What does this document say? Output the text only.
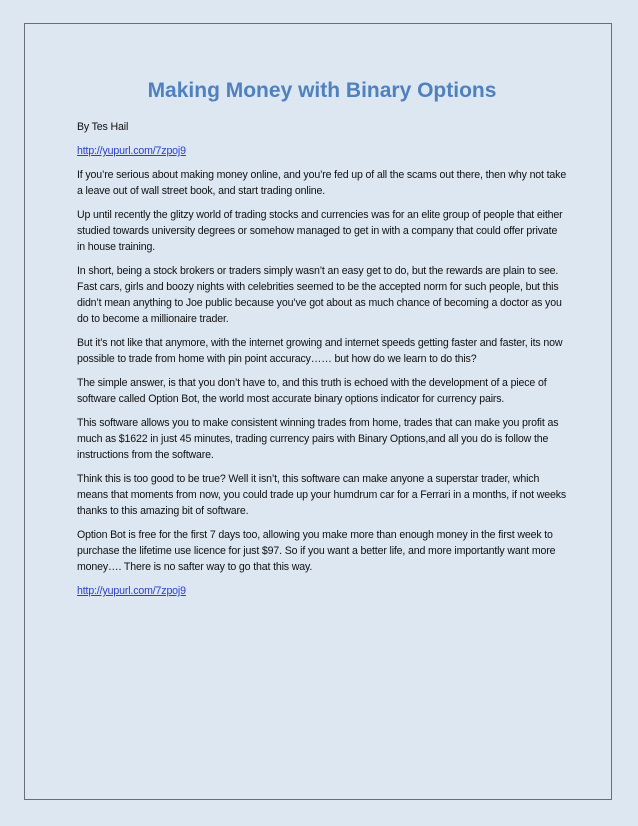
Making Money with Binary Options

By Tes Hail

http://yupurl.com/7zpoj9

If you’re serious about making money online, and you’re fed up of all the scams out there, then why not take a leave out of wall street book, and start trading online.

Up until recently the glitzy world of trading stocks and currencies was for an elite group of people that either studied towards university degrees or somehow managed to get in with a company that could offer private in house training.

In short, being a stock brokers or traders simply wasn’t an easy get to do, but the rewards are plain to see. Fast cars, girls and boozy nights with celebrities seemed to be the accepted norm for such people, but this didn’t mean anything to Joe public because you’ve got about as much chance of becoming a doctor as you do to become a millionaire trader.

But it’s not like that anymore, with the internet growing and internet speeds getting faster and faster, its now possible to trade from home with pin point accuracy…… but how do we learn to do this?

The simple answer, is that you don’t have to, and this truth is echoed with the development of a piece of software called Option Bot, the world most accurate binary options indicator for currency pairs.

This software allows you to make consistent winning trades from home, trades that can make you profit as much as $1622 in just 45 minutes, trading currency pairs with Binary Options,and all you do is follow the instructions from the software.

Think this is too good to be true? Well it isn’t, this software can make anyone a superstar trader, which means that moments from now, you could trade up your humdrum car for a Ferrari in a months, if not weeks thanks to this amazing bit of software.

Option Bot is free for the first 7 days too, allowing you make more than enough money in the first week to purchase the lifetime use licence for just $97. So if you want a better life, and more importantly want more money…. There is no safter way to go that this way.

http://yupurl.com/7zpoj9
